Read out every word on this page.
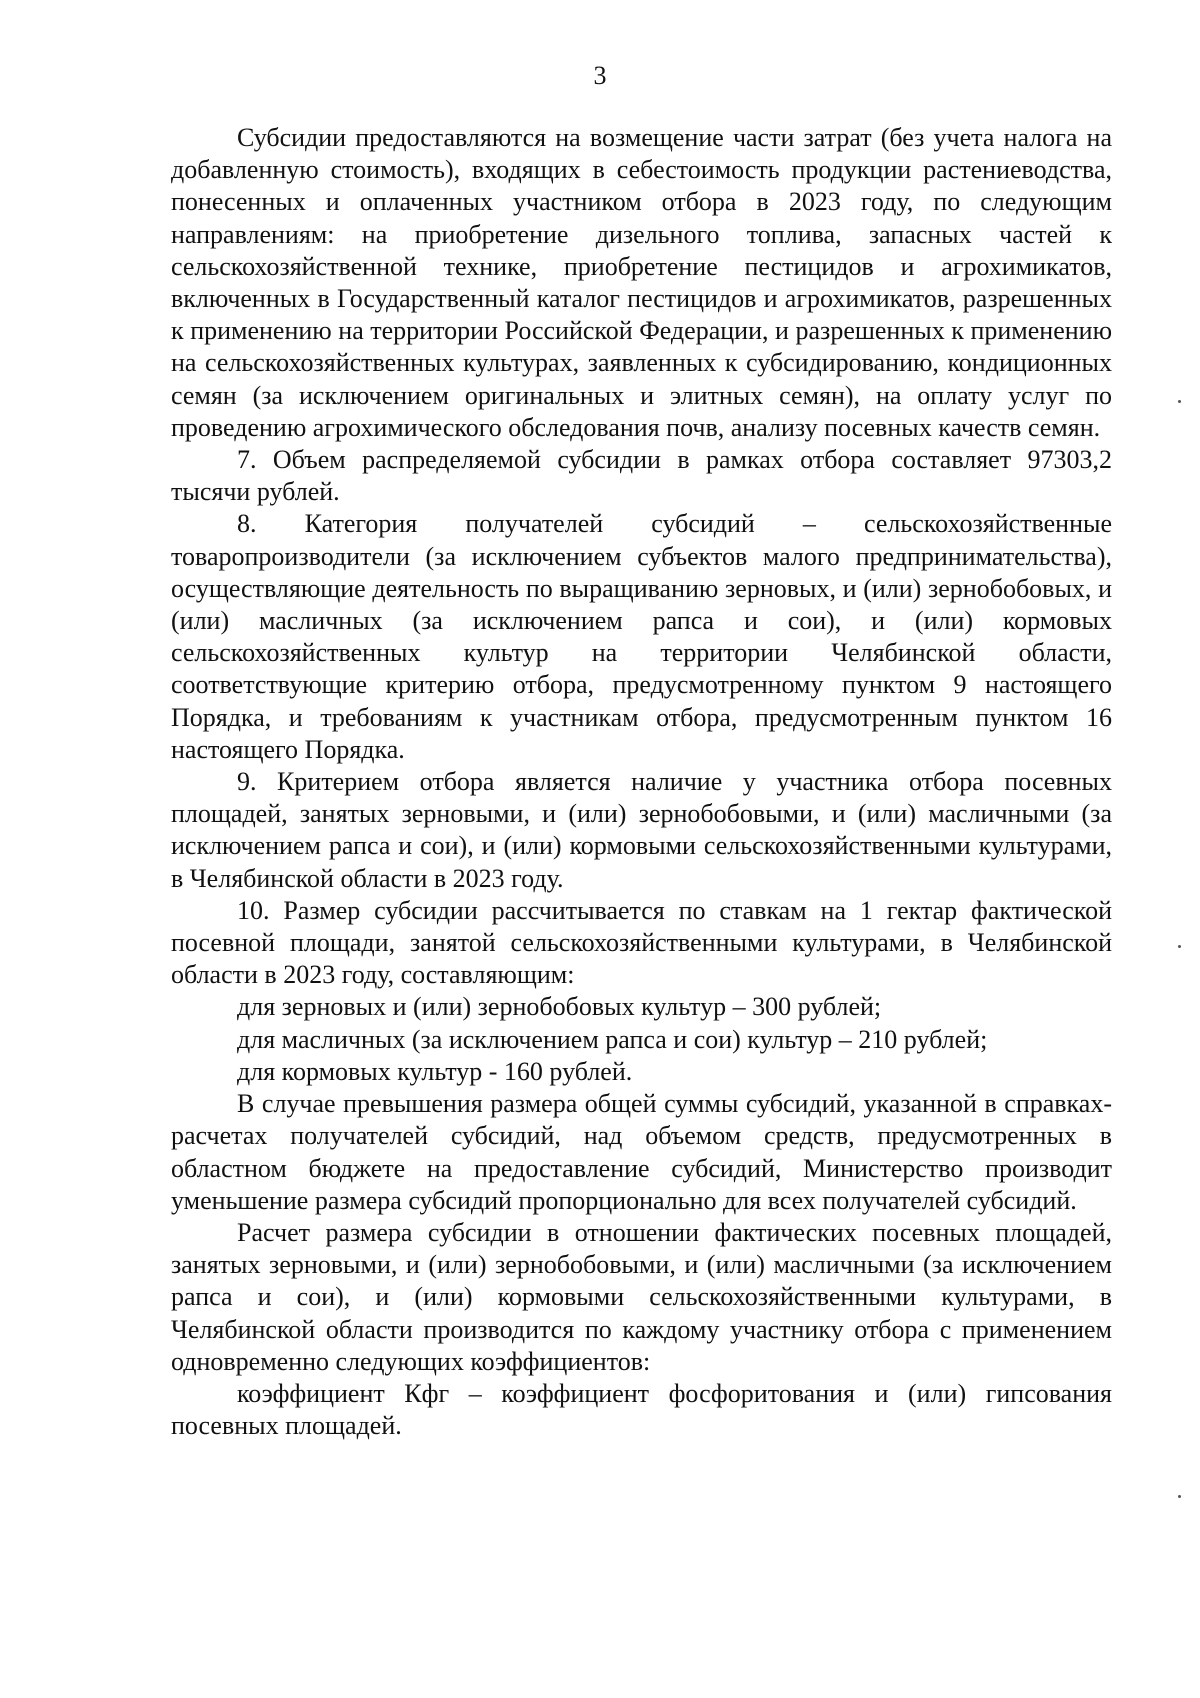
3

Субсидии предоставляются на возмещение части затрат (без учета налога на добавленную стоимость), входящих в себестоимость продукции растениеводства, понесенных и оплаченных участником отбора в 2023 году, по следующим направлениям: на приобретение дизельного топлива, запасных частей к сельскохозяйственной технике, приобретение пестицидов и агрохимикатов, включенных в Государственный каталог пестицидов и агрохимикатов, разрешенных к применению на территории Российской Федерации, и разрешенных к применению на сельскохозяйственных культурах, заявленных к субсидированию, кондиционных семян (за исключением оригинальных и элитных семян), на оплату услуг по проведению агрохимического обследования почв, анализу посевных качеств семян.

7. Объем распределяемой субсидии в рамках отбора составляет 97303,2 тысячи рублей.

8. Категория получателей субсидий – сельскохозяйственные товаропроизводители (за исключением субъектов малого предпринимательства), осуществляющие деятельность по выращиванию зерновых, и (или) зернобобовых, и (или) масличных (за исключением рапса и сои), и (или) кормовых сельскохозяйственных культур на территории Челябинской области, соответствующие критерию отбора, предусмотренному пунктом 9 настоящего Порядка, и требованиям к участникам отбора, предусмотренным пунктом 16 настоящего Порядка.

9. Критерием отбора является наличие у участника отбора посевных площадей, занятых зерновыми, и (или) зернобобовыми, и (или) масличными (за исключением рапса и сои), и (или) кормовыми сельскохозяйственными культурами, в Челябинской области в 2023 году.

10. Размер субсидии рассчитывается по ставкам на 1 гектар фактической посевной площади, занятой сельскохозяйственными культурами, в Челябинской области в 2023 году, составляющим:

для зерновых и (или) зернобобовых культур – 300 рублей;

для масличных (за исключением рапса и сои) культур – 210 рублей;

для кормовых культур - 160 рублей.

В случае превышения размера общей суммы субсидий, указанной в справках-расчетах получателей субсидий, над объемом средств, предусмотренных в областном бюджете на предоставление субсидий, Министерство производит уменьшение размера субсидий пропорционально для всех получателей субсидий.

Расчет размера субсидии в отношении фактических посевных площадей, занятых зерновыми, и (или) зернобобовыми, и (или) масличными (за исключением рапса и сои), и (или) кормовыми сельскохозяйственными культурами, в Челябинской области производится по каждому участнику отбора с применением одновременно следующих коэффициентов:

коэффициент Кфг – коэффициент фосфоритования и (или) гипсования посевных площадей.
